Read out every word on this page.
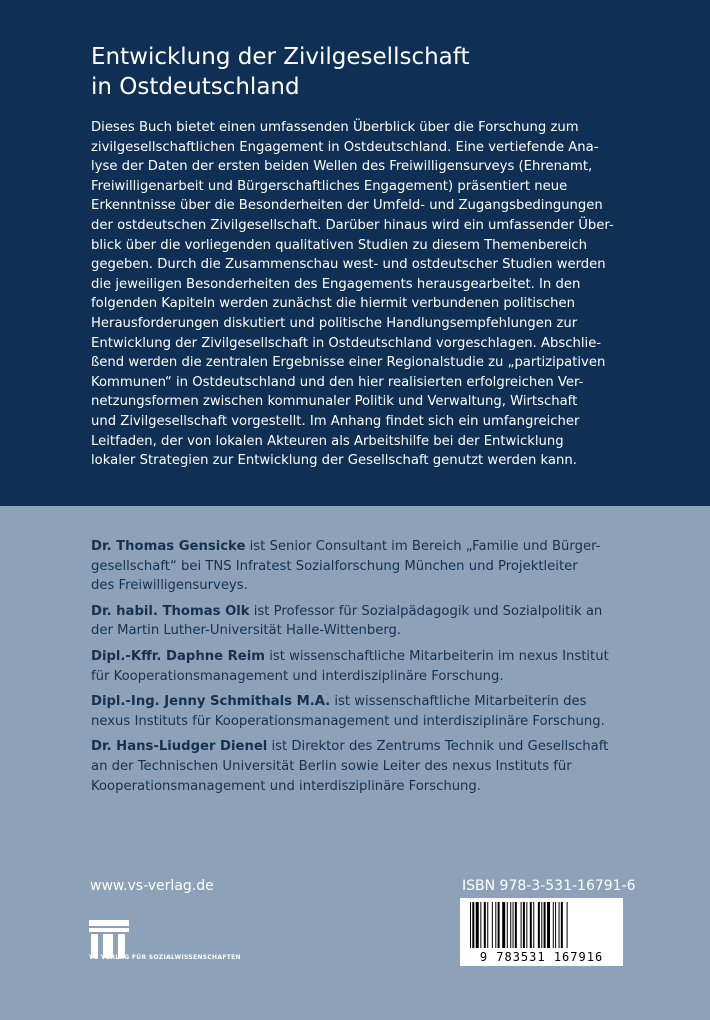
Entwicklung der Zivilgesellschaft
in Ostdeutschland
Dieses Buch bietet einen umfassenden Überblick über die Forschung zum
zivilgesellschaftlichen Engagement in Ostdeutschland. Eine vertiefende Ana-
lyse der Daten der ersten beiden Wellen des Freiwilligensurveys (Ehrenamt,
Freiwilligenarbeit und Bürgerschaftliches Engagement) präsentiert neue
Erkenntnisse über die Besonderheiten der Umfeld- und Zugangsbedingungen
der ostdeutschen Zivilgesellschaft. Darüber hinaus wird ein umfassender Über-
blick über die vorliegenden qualitativen Studien zu diesem Themenbereich
gegeben. Durch die Zusammenschau west- und ostdeutscher Studien werden
die jeweiligen Besonderheiten des Engagements herausgearbeitet. In den
folgenden Kapiteln werden zunächst die hiermit verbundenen politischen
Herausforderungen diskutiert und politische Handlungsempfehlungen zur
Entwicklung der Zivilgesellschaft in Ostdeutschland vorgeschlagen. Abschlie-
ßend werden die zentralen Ergebnisse einer Regionalstudie zu „partizipativen
Kommunen“ in Ostdeutschland und den hier realisierten erfolgreichen Ver-
netzungsformen zwischen kommunaler Politik und Verwaltung, Wirtschaft
und Zivilgesellschaft vorgestellt. Im Anhang findet sich ein umfangreicher
Leitfaden, der von lokalen Akteuren als Arbeitshilfe bei der Entwicklung
lokaler Strategien zur Entwicklung der Gesellschaft genutzt werden kann.
Dr. Thomas Gensicke ist Senior Consultant im Bereich „Familie und Bürger-
gesellschaft“ bei TNS Infratest Sozialforschung München und Projektleiter
des Freiwilligensurveys.
Dr. habil. Thomas Olk ist Professor für Sozialpädagogik und Sozialpolitik an
der Martin Luther-Universität Halle-Wittenberg.
Dipl.-Kffr. Daphne Reim ist wissenschaftliche Mitarbeiterin im nexus Institut
für Kooperationsmanagement und interdisziplinäre Forschung.
Dipl.-Ing. Jenny Schmithals M.A. ist wissenschaftliche Mitarbeiterin des
nexus Instituts für Kooperationsmanagement und interdisziplinäre Forschung.
Dr. Hans-Liudger Dienel ist Direktor des Zentrums Technik und Gesellschaft
an der Technischen Universität Berlin sowie Leiter des nexus Instituts für
Kooperationsmanagement und interdisziplinäre Forschung.
www.vs-verlag.de
VS VERLAG FÜR SOZIALWISSENSCHAFTEN
ISBN 978-3-531-16791-6
9 783531 167916
